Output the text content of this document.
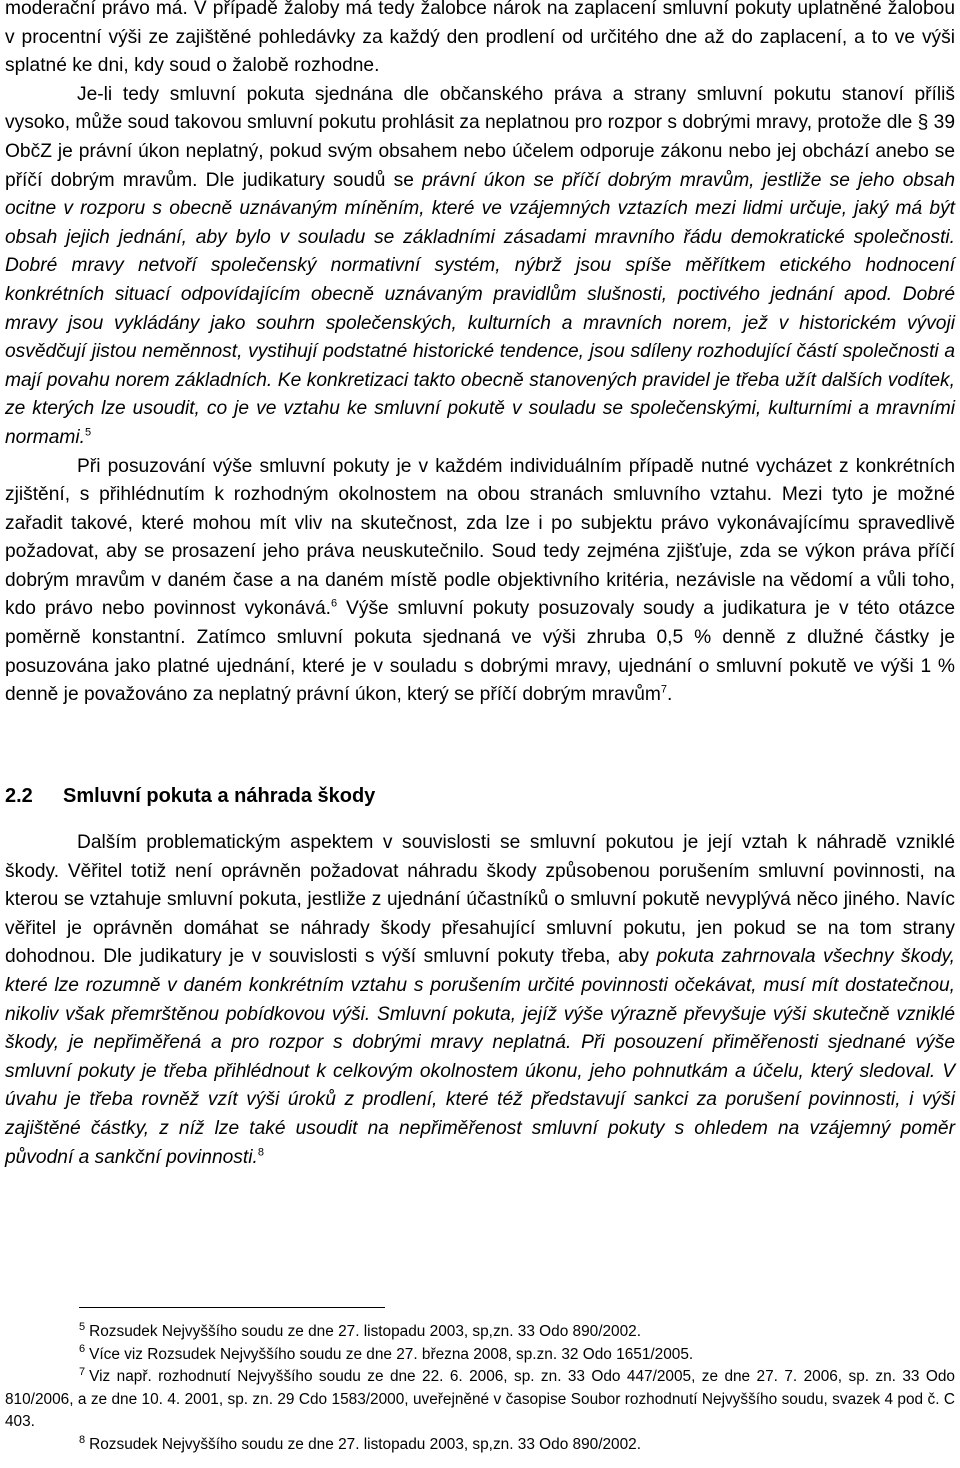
moderační právo má. V případě žaloby má tedy žalobce nárok na zaplacení smluvní pokuty uplatněné žalobou v procentní výši ze zajištěné pohledávky za každý den prodlení od určitého dne až do zaplacení, a to ve výši splatné ke dni, kdy soud o žalobě rozhodne.

Je-li tedy smluvní pokuta sjednána dle občanského práva a strany smluvní pokutu stanoví příliš vysoko, může soud takovou smluvní pokutu prohlásit za neplatnou pro rozpor s dobrými mravy, protože dle § 39 ObčZ je právní úkon neplatný, pokud svým obsahem nebo účelem odporuje zákonu nebo jej obchází anebo se příčí dobrým mravům. Dle judikatury soudů se právní úkon se příčí dobrým mravům, jestliže se jeho obsah ocitne v rozporu s obecně uznávaným míněním, které ve vzájemných vztazích mezi lidmi určuje, jaký má být obsah jejich jednání, aby bylo v souladu se základními zásadami mravního řádu demokratické společnosti. Dobré mravy netvoří společenský normativní systém, nýbrž jsou spíše měřítkem etického hodnocení konkrétních situací odpovídajícím obecně uznávaným pravidlům slušnosti, poctivého jednání apod. Dobré mravy jsou vykládány jako souhrn společenských, kulturních a mravních norem, jež v historickém vývoji osvědčují jistou neměnnost, vystihují podstatné historické tendence, jsou sdíleny rozhodující částí společnosti a mají povahu norem základních. Ke konkretizaci takto obecně stanovených pravidel je třeba užít dalších vodítek, ze kterých lze usoudit, co je ve vztahu ke smluvní pokutě v souladu se společenskými, kulturními a mravními normami.$^5$

Při posuzování výše smluvní pokuty je v každém individuálním případě nutné vycházet z konkrétních zjištění, s přihlédnutím k rozhodným okolnostem na obou stranách smluvního vztahu. Mezi tyto je možné zařadit takové, které mohou mít vliv na skutečnost, zda lze i po subjektu právo vykonávajícímu spravedlivě požadovat, aby se prosazení jeho práva neuskutečnilo. Soud tedy zejména zjišťuje, zda se výkon práva příčí dobrým mravům v daném čase a na daném místě podle objektivního kritéria, nezávisle na vědomí a vůli toho, kdo právo nebo povinnost vykonává.$^6$ Výše smluvní pokuty posuzovaly soudy a judikatura je v této otázce poměrně konstantní. Zatímco smluvní pokuta sjednaná ve výši zhruba 0,5 % denně z dlužné částky je posuzována jako platné ujednání, které je v souladu s dobrými mravy, ujednání o smluvní pokutě ve výši 1 % denně je považováno za neplatný právní úkon, který se příčí dobrým mravům$^7$.

2.2 Smluvní pokuta a náhrada škody

Dalším problematickým aspektem v souvislosti se smluvní pokutou je její vztah k náhradě vzniklé škody. Věřitel totiž není oprávněn požadovat náhradu škody způsobenou porušením smluvní povinnosti, na kterou se vztahuje smluvní pokuta, jestliže z ujednání účastníků o smluvní pokutě nevyplývá něco jiného. Navíc věřitel je oprávněn domáhat se náhrady škody přesahující smluvní pokutu, jen pokud se na tom strany dohodnou. Dle judikatury je v souvislosti s výší smluvní pokuty třeba, aby pokuta zahrnovala všechny škody, které lze rozumně v daném konkrétním vztahu s porušením určité povinnosti očekávat, musí mít dostatečnou, nikoliv však přemrštěnou pobídkovou výši. Smluvní pokuta, jejíž výše výrazně převyšuje výši skutečně vzniklé škody, je nepřiměřená a pro rozpor s dobrými mravy neplatná. Při posouzení přiměřenosti sjednané výše smluvní pokuty je třeba přihlédnout k celkovým okolnostem úkonu, jeho pohnutkám a účelu, který sledoval. V úvahu je třeba rovněž vzít výši úroků z prodlení, které též představují sankci za porušení povinnosti, i výši zajištěné částky, z níž lze také usoudit na nepřiměřenost smluvní pokuty s ohledem na vzájemný poměr původní a sankční povinnosti.$^8$

$^5$ Rozsudek Nejvyššího soudu ze dne 27. listopadu 2003, sp,zn. 33 Odo 890/2002.

$^6$ Více viz Rozsudek Nejvyššího soudu ze dne 27. března 2008, sp.zn. 32 Odo 1651/2005.

$^7$ Viz např. rozhodnutí Nejvyššího soudu ze dne 22. 6. 2006, sp. zn. 33 Odo 447/2005, ze dne 27. 7. 2006, sp. zn. 33 Odo 810/2006, a ze dne 10. 4. 2001, sp. zn. 29 Cdo 1583/2000, uveřejněné v časopise Soubor rozhodnutí Nejvyššího soudu, svazek 4 pod č. C 403.

$^8$ Rozsudek Nejvyššího soudu ze dne 27. listopadu 2003, sp,zn. 33 Odo 890/2002.
